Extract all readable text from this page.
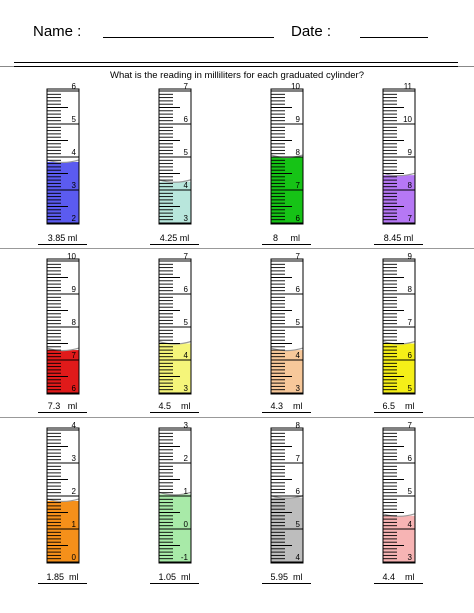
Name :	Date :
What is the reading in milliliters for each graduated cylinder?
6
5
4
3
2
3.85 ml
7
6
5
4
3
4.25 ml
10
9
8
7
6
8     ml
11
10
9
8
7
8.45 ml
10
9
8
7
6
7.3   ml
7
6
5
4
3
4.5    ml
7
6
5
4
3
4.3    ml
9
8
7
6
5
6.5    ml
4
3
2
1
0
1.85  ml
3
2
1
0
-1
1.05  ml
8
7
6
5
4
5.95  ml
7
6
5
4
3
4.4    ml
